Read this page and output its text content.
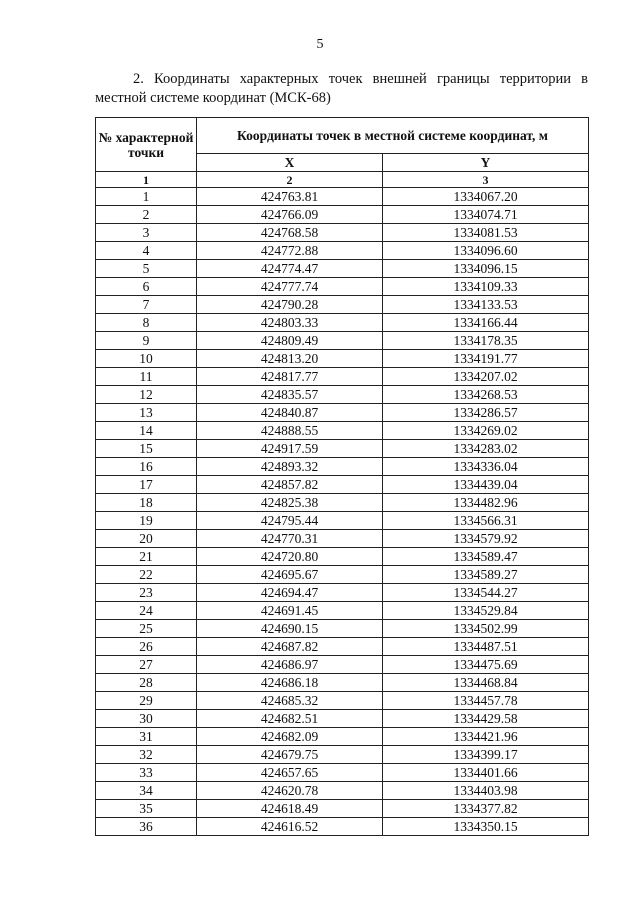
5
2. Координаты характерных точек внешней границы территории в местной системе координат (МСК-68)
№ характерной точки	Координаты точек в местной системе координат, м	
	X	Y
1	2	3
1	424763.81	1334067.20
2	424766.09	1334074.71
3	424768.58	1334081.53
4	424772.88	1334096.60
5	424774.47	1334096.15
6	424777.74	1334109.33
7	424790.28	1334133.53
8	424803.33	1334166.44
9	424809.49	1334178.35
10	424813.20	1334191.77
11	424817.77	1334207.02
12	424835.57	1334268.53
13	424840.87	1334286.57
14	424888.55	1334269.02
15	424917.59	1334283.02
16	424893.32	1334336.04
17	424857.82	1334439.04
18	424825.38	1334482.96
19	424795.44	1334566.31
20	424770.31	1334579.92
21	424720.80	1334589.47
22	424695.67	1334589.27
23	424694.47	1334544.27
24	424691.45	1334529.84
25	424690.15	1334502.99
26	424687.82	1334487.51
27	424686.97	1334475.69
28	424686.18	1334468.84
29	424685.32	1334457.78
30	424682.51	1334429.58
31	424682.09	1334421.96
32	424679.75	1334399.17
33	424657.65	1334401.66
34	424620.78	1334403.98
35	424618.49	1334377.82
36	424616.52	1334350.15
